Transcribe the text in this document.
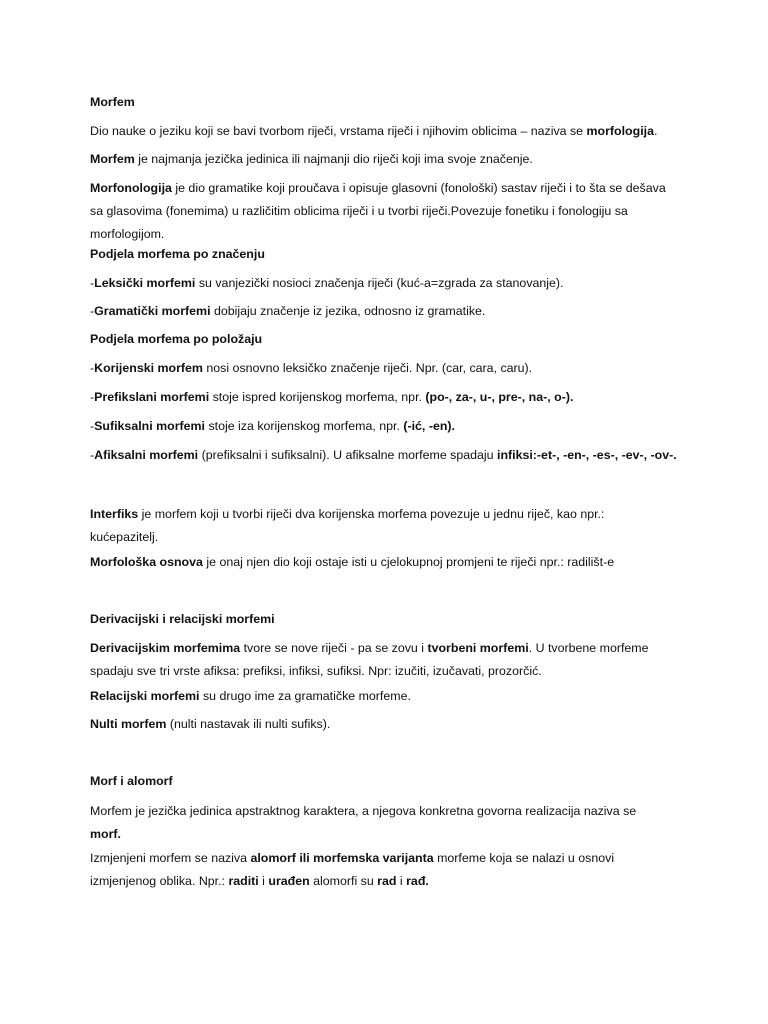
Morfem
Dio nauke o jeziku koji se bavi tvorbom riječi, vrstama riječi i njihovim oblicima – naziva se morfologija.
Morfem je najmanja jezička jedinica ili najmanji dio riječi koji ima svoje značenje.
Morfonologija je dio gramatike koji proučava i opisuje glasovni (fonološki) sastav riječi i to šta se dešava
sa glasovima (fonemima) u različitim oblicima riječi i u tvorbi riječi.Povezuje fonetiku i fonologiju sa
morfologijom.
Podjela morfema po značenju
-Leksički morfemi su vanjezički nosioci značenja riječi (kuć-a=zgrada za stanovanje).
-Gramatički morfemi dobijaju značenje iz jezika, odnosno iz gramatike.
Podjela morfema po položaju
-Korijenski morfem nosi osnovno leksičko značenje riječi. Npr. (car, cara, caru).
-Prefikslani morfemi stoje ispred korijenskog morfema, npr. (po-, za-, u-, pre-, na-, o-).
-Sufiksalni morfemi stoje iza korijenskog morfema, npr. (-ić, -en).
-Afiksalni morfemi (prefiksalni i sufiksalni). U afiksalne morfeme spadaju infiksi:-et-, -en-, -es-, -ev-, -ov-.
Interfiks je morfem koji u tvorbi riječi dva korijenska morfema povezuje u jednu riječ, kao npr.:
kućepazitelj.
Morfološka osnova je onaj njen dio koji ostaje isti u cjelokupnoj promjeni te riječi npr.: radilišt-e
Derivacijski i relacijski morfemi
Derivacijskim morfemima tvore se nove riječi - pa se zovu i tvorbeni morfemi. U tvorbene morfeme
spadaju sve tri vrste afiksa: prefiksi, infiksi, sufiksi. Npr: izučiti, izučavati, prozorčić.
Relacijski morfemi su drugo ime za gramatičke morfeme.
Nulti morfem (nulti nastavak ili nulti sufiks).
Morf i alomorf
Morfem je jezička jedinica apstraktnog karaktera, a njegova konkretna govorna realizacija naziva se
morf.
Izmjenjeni morfem se naziva alomorf ili morfemska varijanta morfeme koja se nalazi u osnovi
izmjenjenog oblika. Npr.: raditi i urađen alomorfi su rad i rađ.
